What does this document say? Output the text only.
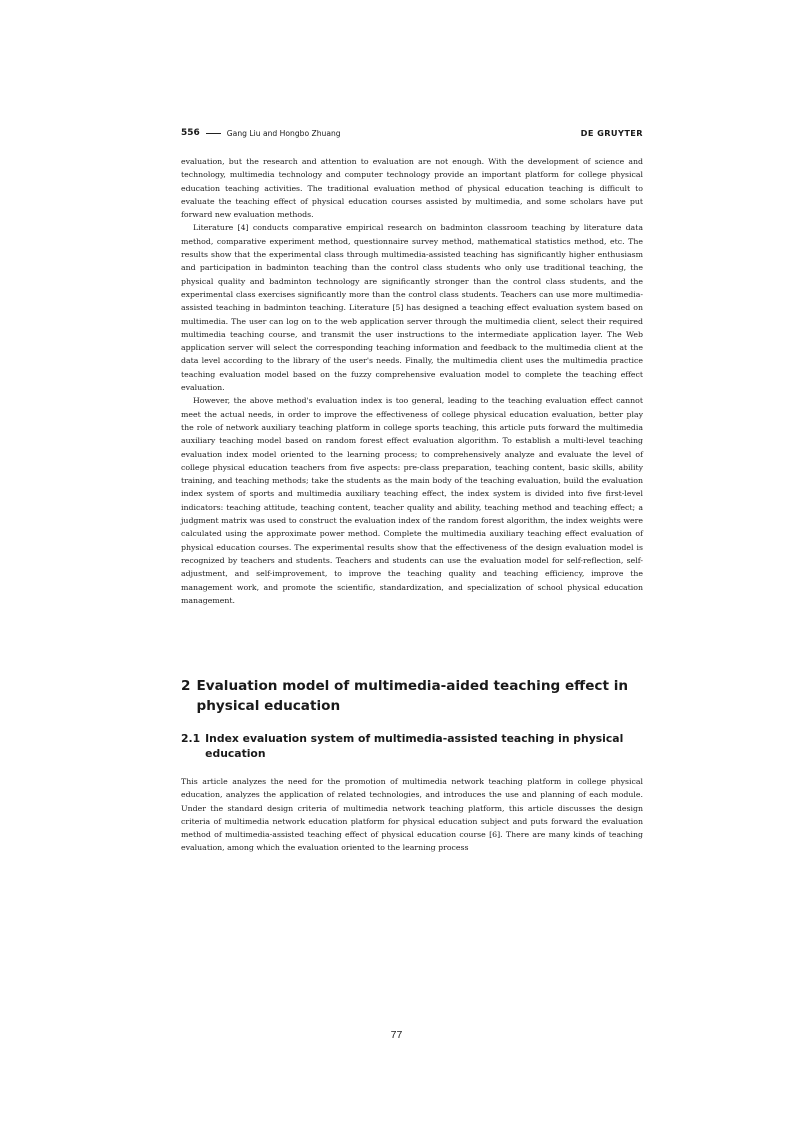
556	Gang Liu and Hongbo Zhuang	DE GRUYTER

evaluation, but the research and attention to evaluation are not enough. With the development of science and technology, multimedia technology and computer technology provide an important platform for college physical education teaching activities. The traditional evaluation method of physical education teaching is difficult to evaluate the teaching effect of physical education courses assisted by multimedia, and some scholars have put forward new evaluation methods.

Literature [4] conducts comparative empirical research on badminton classroom teaching by literature data method, comparative experiment method, questionnaire survey method, mathematical statistics method, etc. The results show that the experimental class through multimedia-assisted teaching has significantly higher enthusiasm and participation in badminton teaching than the control class students who only use traditional teaching, the physical quality and badminton technology are significantly stronger than the control class students, and the experimental class exercises significantly more than the control class students. Teachers can use more multimedia-assisted teaching in badminton teaching. Literature [5] has designed a teaching effect evaluation system based on multimedia. The user can log on to the web application server through the multimedia client, select their required multimedia teaching course, and transmit the user instructions to the intermediate application layer. The Web application server will select the corresponding teaching information and feedback to the multimedia client at the data level according to the library of the user's needs. Finally, the multimedia client uses the multimedia practice teaching evaluation model based on the fuzzy comprehensive evaluation model to complete the teaching effect evaluation.

However, the above method's evaluation index is too general, leading to the teaching evaluation effect cannot meet the actual needs, in order to improve the effectiveness of college physical education evaluation, better play the role of network auxiliary teaching platform in college sports teaching, this article puts forward the multimedia auxiliary teaching model based on random forest effect evaluation algorithm. To establish a multi-level teaching evaluation index model oriented to the learning process; to comprehensively analyze and evaluate the level of college physical education teachers from five aspects: pre-class preparation, teaching content, basic skills, ability training, and teaching methods; take the students as the main body of the teaching evaluation, build the evaluation index system of sports and multimedia auxiliary teaching effect, the index system is divided into five first-level indicators: teaching attitude, teaching content, teacher quality and ability, teaching method and teaching effect; a judgment matrix was used to construct the evaluation index of the random forest algorithm, the index weights were calculated using the approximate power method. Complete the multimedia auxiliary teaching effect evaluation of physical education courses. The experimental results show that the effectiveness of the design evaluation model is recognized by teachers and students. Teachers and students can use the evaluation model for self-reflection, self-adjustment, and self-improvement, to improve the teaching quality and teaching efficiency, improve the management work, and promote the scientific, standardization, and specialization of school physical education management.

2 Evaluation model of multimedia-aided teaching effect in physical education
2.1 Index evaluation system of multimedia-assisted teaching in physical education

This article analyzes the need for the promotion of multimedia network teaching platform in college physical education, analyzes the application of related technologies, and introduces the use and planning of each module. Under the standard design criteria of multimedia network teaching platform, this article discusses the design criteria of multimedia network education platform for physical education subject and puts forward the evaluation method of multimedia-assisted teaching effect of physical education course [6]. There are many kinds of teaching evaluation, among which the evaluation oriented to the learning process

77
